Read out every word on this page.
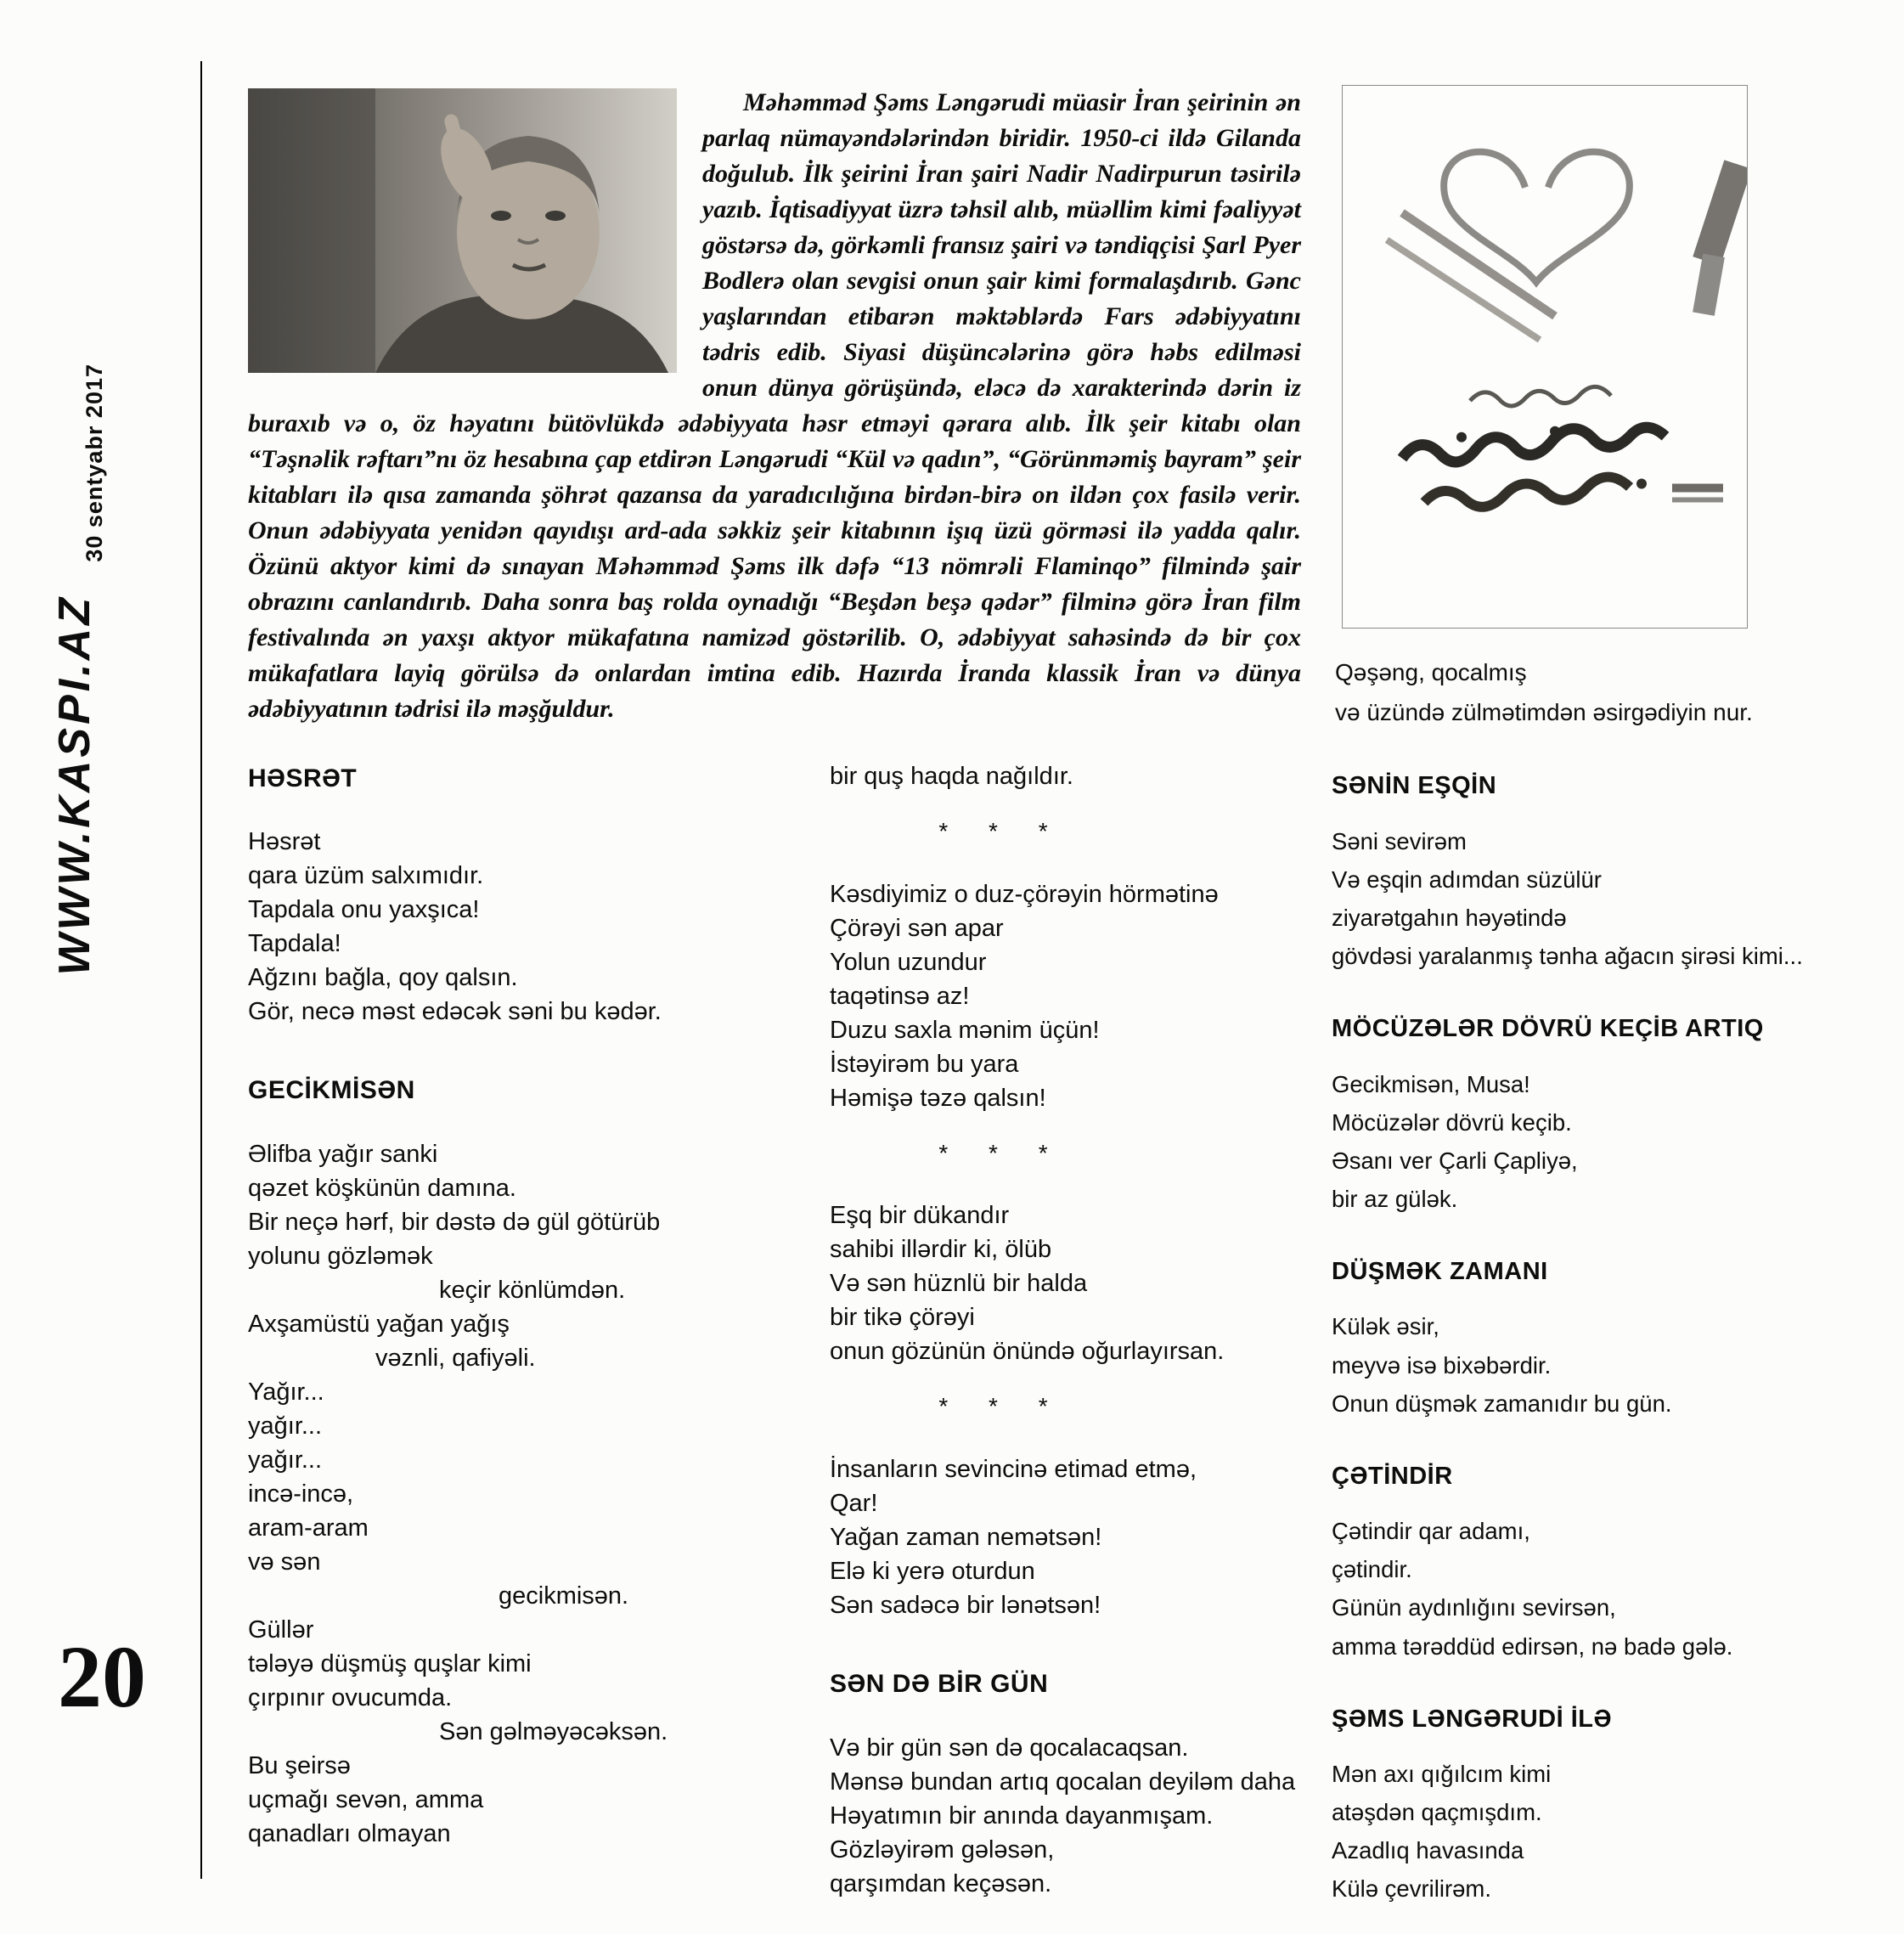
30 sentyabr 2017
WWW.KASPI.AZ
20

Məhəmməd Şəms Ləngərudi müasir İran şeirinin ən parlaq nümayəndələrindən biridir. 1950-ci ildə Gilanda doğulub. İlk şeirini İran şairi Nadir Nadirpurun təsirilə yazıb. İqtisadiyyat üzrə təhsil alıb, müəllim kimi fəaliyyət göstərsə də, görkəmli fransız şairi və təndiqçisi Şarl Pyer Bodlerə olan sevgisi onun şair kimi formalaşdırıb. Gənc yaşlarından etibarən məktəblərdə Fars ədəbiyyatını tədris edib. Siyasi düşüncələrinə görə həbs edilməsi onun dünya görüşündə, eləcə də xarakterində dərin iz buraxıb və o, öz həyatını bütövlükdə ədəbiyyata həsr etməyi qərara alıb. İlk şeir kitabı olan “Təşnəlik rəftarı”nı öz hesabına çap etdirən Ləngərudi “Kül və qadın”, “Görünməmiş bayram” şeir kitabları ilə qısa zamanda şöhrət qazansa da yaradıcılığına birdən-birə on ildən çox fasilə verir. Onun ədəbiyyata yenidən qayıdışı ard-ada səkkiz şeir kitabının işıq üzü görməsi ilə yadda qalır. Özünü aktyor kimi də sınayan Məhəmməd Şəms ilk dəfə “13 nömrəli Flaminqo” filmində şair obrazını canlandırıb. Daha sonra baş rolda oynadığı “Beşdən beşə qədər” filminə görə İran film festivalında ən yaxşı aktyor mükafatına namizəd göstərilib. O, ədəbiyyat sahəsində də bir çox mükafatlara layiq görülsə də onlardan imtina edib. Hazırda İranda klassik İran və dünya ədəbiyyatının tədrisi ilə məşğuldur.

HƏSRƏT
Həsrət
qara üzüm salxımıdır.
Tapdala onu yaxşıca!
Tapdala!
Ağzını bağla, qoy qalsın.
Gör, necə məst edəcək səni bu kədər.
GECİKMİSƏN
Əlifba yağır sanki
qəzet köşkünün damına.
Bir neçə hərf, bir dəstə də gül götürüb
yolunu gözləmək
keçir könlümdən.
Axşamüstü yağan yağış
vəznli, qafiyəli.
Yağır...
yağır...
yağır...
incə-incə,
aram-aram
və sən
gecikmisən.
Güllər
tələyə düşmüş quşlar kimi
çırpınır ovucumda.
Sən gəlməyəcəksən.
Bu şeirsə
uçmağı sevən, amma
qanadları olmayan
bir quş haqda nağıldır.
* * *
Kəsdiyimiz o duz-çörəyin hörmətinə
Çörəyi sən apar
Yolun uzundur
taqətinsə az!
Duzu saxla mənim üçün!
İstəyirəm bu yara
Həmişə təzə qalsın!
* * *
Eşq bir dükandır
sahibi illərdir ki, ölüb
Və sən hüznlü bir halda
bir tikə çörəyi
onun gözünün önündə oğurlayırsan.
* * *
İnsanların sevincinə etimad etmə,
Qar!
Yağan zaman nemətsən!
Elə ki yerə oturdun
Sən sadəcə bir lənətsən!
SƏN DƏ BİR GÜN
Və bir gün sən də qocalacaqsan.
Mənsə bundan artıq qocalan deyiləm daha
Həyatımın bir anında dayanmışam.
Gözləyirəm gələsən,
qarşımdan keçəsən.

Qəşəng, qocalmış
və üzündə zülmətimdən əsirgədiyin nur.

SƏNİN EŞQİN
Səni sevirəm
Və eşqin adımdan süzülür
ziyarətgahın həyətində
gövdəsi yaralanmış tənha ağacın şirəsi kimi...
MÖCÜZƏLƏR DÖVRÜ KEÇİB ARTIQ
Gecikmisən, Musa!
Möcüzələr dövrü keçib.
Əsanı ver Çarli Çapliyə,
bir az gülək.
DÜŞMƏK ZAMANI
Külək əsir,
meyvə isə bixəbərdir.
Onun düşmək zamanıdır bu gün.
ÇƏTİNDİR
Çətindir qar adamı,
çətindir.
Günün aydınlığını sevirsən,
amma tərəddüd edirsən, nə badə gələ.
ŞƏMS LƏNGƏRUDİ İLƏ
Mən axı qığılcım kimi
atəşdən qaçmışdım.
Azadlıq havasında
Külə çevrilirəm.
